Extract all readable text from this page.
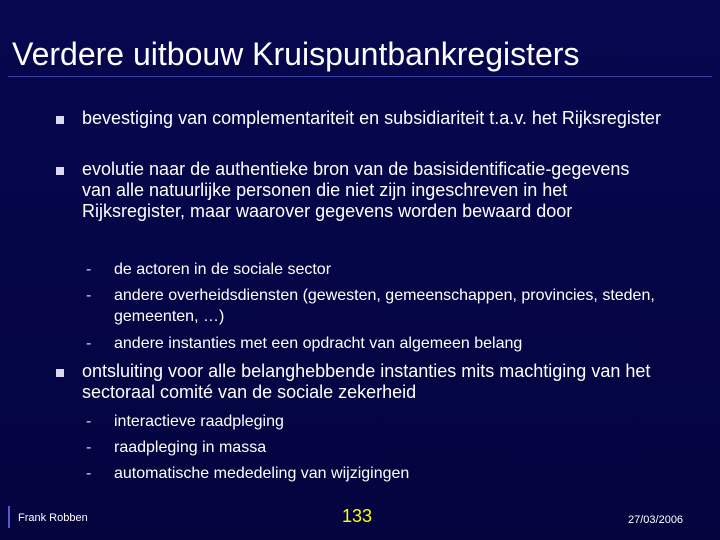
Verdere uitbouw Kruispuntbankregisters
bevestiging van complementariteit en subsidiariteit t.a.v. het Rijksregister
evolutie naar de authentieke bron van de basisidentificatie-gegevens van alle natuurlijke personen die niet zijn ingeschreven in het Rijksregister, maar waarover gegevens worden bewaard door
- de actoren in de sociale sector
- andere overheidsdiensten (gewesten, gemeenschappen, provincies, steden, gemeenten, …)
- andere instanties met een opdracht van algemeen belang
ontsluiting voor alle belanghebbende instanties mits machtiging van het sectoraal comité van de sociale zekerheid
- interactieve raadpleging
- raadpleging in massa
- automatische mededeling van wijzigingen
Frank Robben	133	27/03/2006
